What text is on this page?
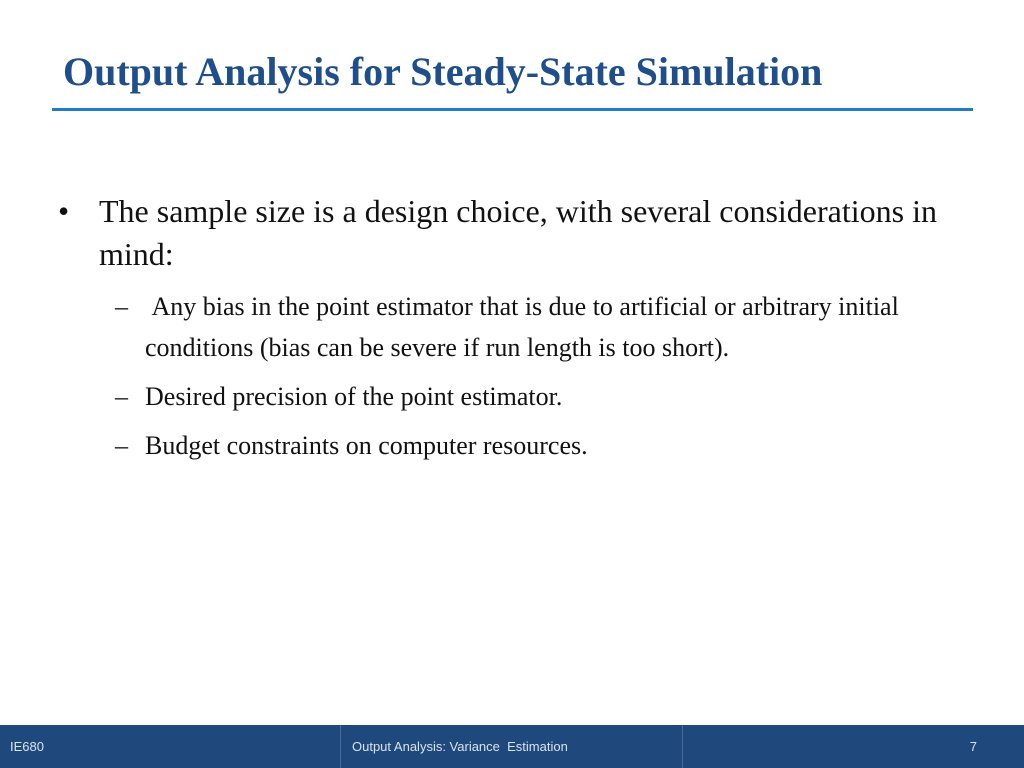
Output Analysis for Steady-State Simulation
• The sample size is a design choice, with several considerations in mind:
– Any bias in the point estimator that is due to artificial or arbitrary initial conditions (bias can be severe if run length is too short).
– Desired precision of the point estimator.
– Budget constraints on computer resources.
IE680	Output Analysis: Variance  Estimation	7
